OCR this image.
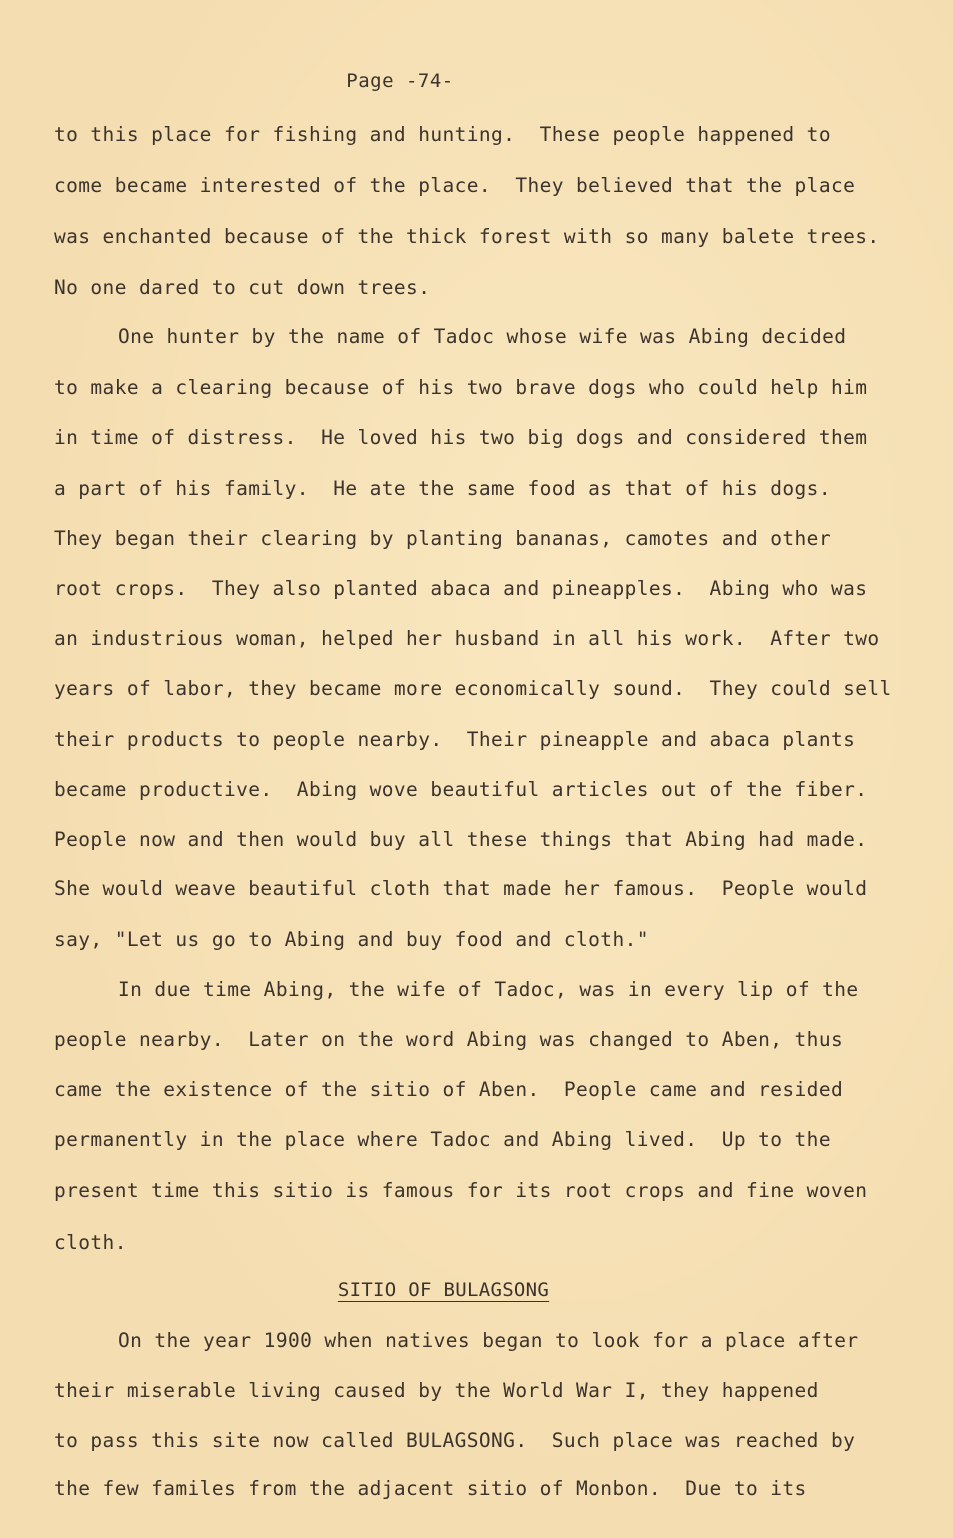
Page -74-
to this place for fishing and hunting.  These people happened to
come became interested of the place.  They believed that the place
was enchanted because of the thick forest with so many balete trees.
No one dared to cut down trees.
One hunter by the name of Tadoc whose wife was Abing decided
to make a clearing because of his two brave dogs who could help him
in time of distress.  He loved his two big dogs and considered them
a part of his family.  He ate the same food as that of his dogs.
They began their clearing by planting bananas, camotes and other
root crops.  They also planted abaca and pineapples.  Abing who was
an industrious woman, helped her husband in all his work.  After two
years of labor, they became more economically sound.  They could sell
their products to people nearby.  Their pineapple and abaca plants
became productive.  Abing wove beautiful articles out of the fiber.
People now and then would buy all these things that Abing had made.
She would weave beautiful cloth that made her famous.  People would
say, "Let us go to Abing and buy food and cloth."
In due time Abing, the wife of Tadoc, was in every lip of the
people nearby.  Later on the word Abing was changed to Aben, thus
came the existence of the sitio of Aben.  People came and resided
permanently in the place where Tadoc and Abing lived.  Up to the
present time this sitio is famous for its root crops and fine woven
cloth.
SITIO OF BULAGSONG
On the year 1900 when natives began to look for a place after
their miserable living caused by the World War I, they happened
to pass this site now called BULAGSONG.  Such place was reached by
the few familes from the adjacent sitio of Monbon.  Due to its
